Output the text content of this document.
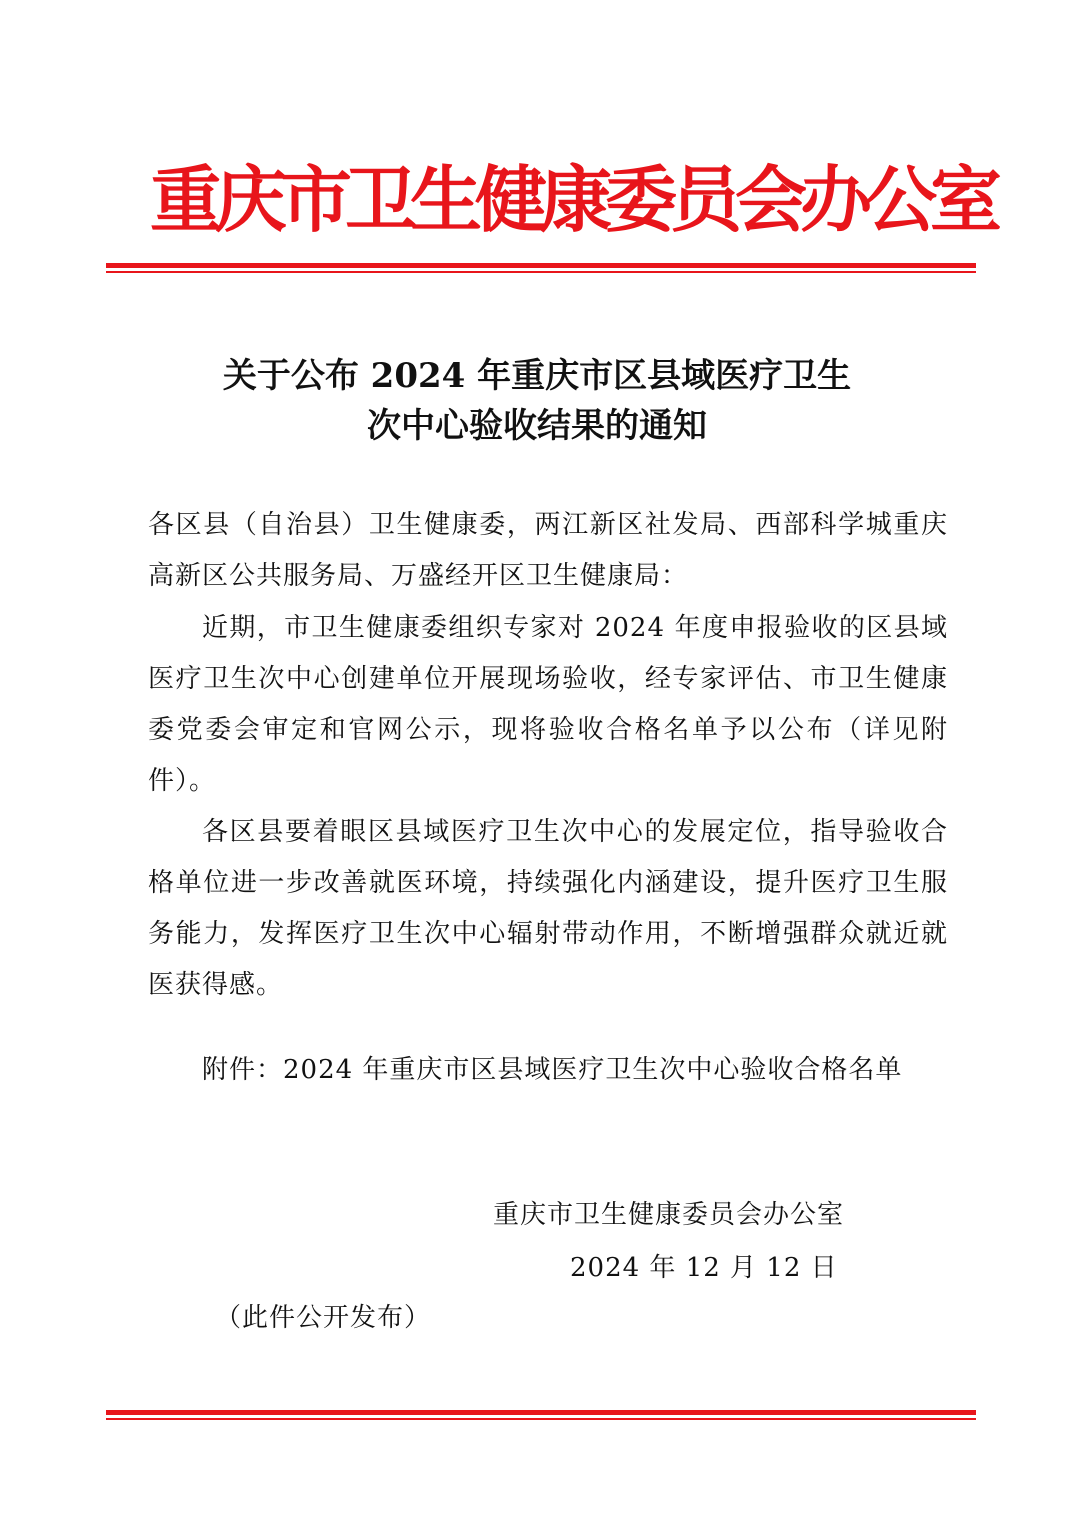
重庆市卫生健康委员会办公室
关于公布 2024 年重庆市区县域医疗卫生
次中心验收结果的通知

各区县（自治县）卫生健康委，两江新区社发局、西部科学城重庆高新区公共服务局、万盛经开区卫生健康局：

近期，市卫生健康委组织专家对 2024 年度申报验收的区县域医疗卫生次中心创建单位开展现场验收，经专家评估、市卫生健康委党委会审定和官网公示，现将验收合格名单予以公布（详见附件）。

各区县要着眼区县域医疗卫生次中心的发展定位，指导验收合格单位进一步改善就医环境，持续强化内涵建设，提升医疗卫生服务能力，发挥医疗卫生次中心辐射带动作用，不断增强群众就近就医获得感。

附件：2024 年重庆市区县域医疗卫生次中心验收合格名单
重庆市卫生健康委员会办公室
2024 年 12 月 12 日
（此件公开发布）
